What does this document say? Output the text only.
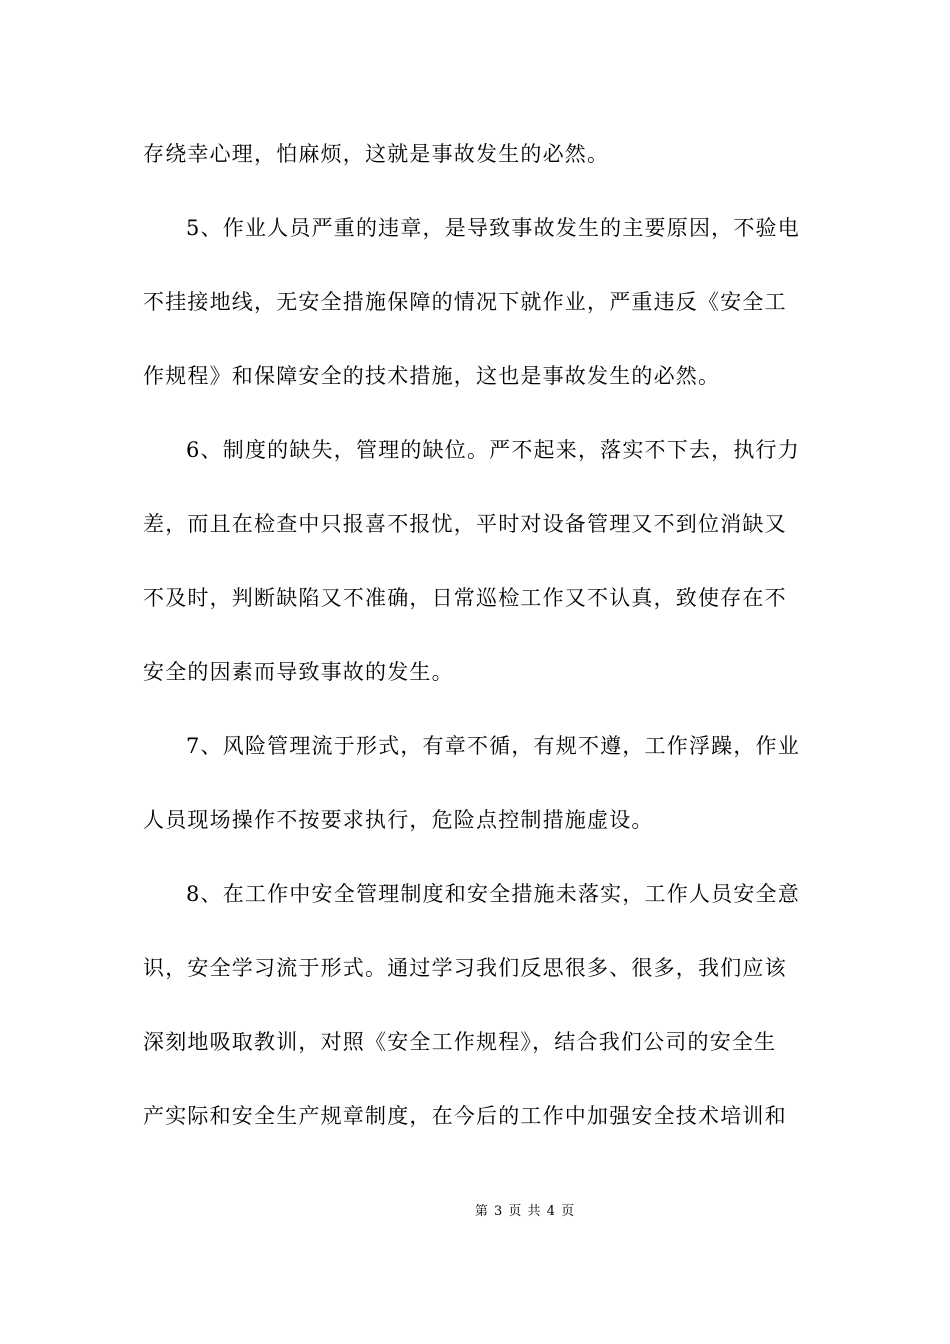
存绕幸心理，怕麻烦，这就是事故发生的必然。
5、作业人员严重的违章，是导致事故发生的主要原因，不验电
不挂接地线，无安全措施保障的情况下就作业，严重违反《安全工
作规程》和保障安全的技术措施，这也是事故发生的必然。
6、制度的缺失，管理的缺位。严不起来，落实不下去，执行力
差，而且在检查中只报喜不报忧，平时对设备管理又不到位消缺又
不及时，判断缺陷又不准确，日常巡检工作又不认真，致使存在不
安全的因素而导致事故的发生。
7、风险管理流于形式，有章不循，有规不遵，工作浮躁，作业
人员现场操作不按要求执行，危险点控制措施虚设。
8、在工作中安全管理制度和安全措施未落实，工作人员安全意
识，安全学习流于形式。通过学习我们反思很多、很多，我们应该
深刻地吸取教训，对照《安全工作规程》，结合我们公司的安全生
产实际和安全生产规章制度，在今后的工作中加强安全技术培训和
第 3 页 共 4 页
